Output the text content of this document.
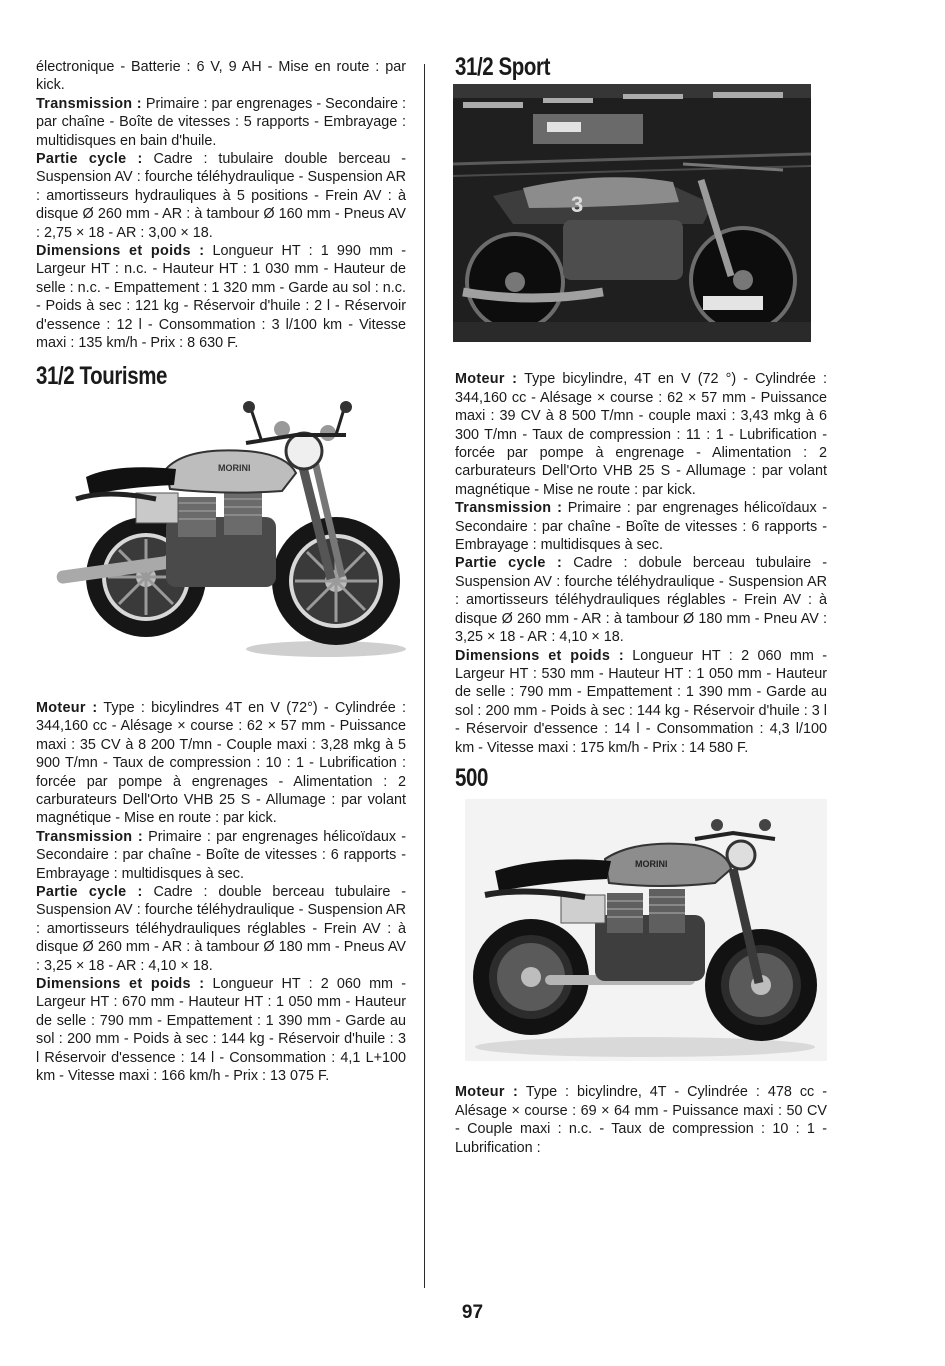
électronique - Batterie : 6 V, 9 AH - Mise en route : par kick.

Transmission : Primaire : par engrenages - Secondaire : par chaîne - Boîte de vitesses : 5 rapports - Embrayage : multidisques en bain d'huile.

Partie cycle : Cadre : tubulaire double berceau - Suspension AV : fourche téléhydraulique - Suspension AR : amortisseurs hydrauliques à 5 positions - Frein AV : à disque Ø 260 mm - AR : à tambour Ø 160 mm - Pneus AV : 2,75 × 18 - AR : 3,00 × 18.

Dimensions et poids : Longueur HT : 1 990 mm - Largeur HT : n.c. - Hauteur HT : 1 030 mm - Hauteur de selle : n.c. - Empattement : 1 320 mm - Garde au sol : n.c. - Poids à sec : 121 kg - Réservoir d'huile : 2 l - Réservoir d'essence : 12 l - Consommation : 3 l/100 km - Vitesse maxi : 135 km/h - Prix : 8 630 F.

31/2 Tourisme
MORINI

Moteur : Type : bicylindres 4T en V (72°) - Cylindrée : 344,160 cc - Alésage × course : 62 × 57 mm - Puissance maxi : 35 CV à 8 200 T/mn - Couple maxi : 3,28 mkg à 5 900 T/mn - Taux de compression : 10 : 1 - Lubrification : forcée par pompe à engrenages - Alimentation : 2 carburateurs Dell'Orto VHB 25 S - Allumage : par volant magnétique - Mise en route : par kick.

Transmission : Primaire : par engrenages hélicoïdaux - Secondaire : par chaîne - Boîte de vitesses : 6 rapports - Embrayage : multidisques à sec.

Partie cycle : Cadre : double berceau tubulaire - Suspension AV : fourche téléhydraulique - Suspension AR : amortisseurs téléhydrauliques réglables - Frein AV : à disque Ø 260 mm - AR : à tambour Ø 180 mm - Pneus AV : 3,25 × 18 - AR : 4,10 × 18.

Dimensions et poids : Longueur HT : 2 060 mm - Largeur HT : 670 mm - Hauteur HT : 1 050 mm - Hauteur de selle : 790 mm - Empattement : 1 390 mm - Garde au sol : 200 mm - Poids à sec : 144 kg - Réservoir d'huile : 3 l Réservoir d'essence : 14 l - Consommation : 4,1 L+100 km - Vitesse maxi : 166 km/h - Prix : 13 075 F.

31/2 Sport
3

Moteur : Type bicylindre, 4T en V (72 °) - Cylindrée : 344,160 cc - Alésage × course : 62 × 57 mm - Puissance maxi : 39 CV à 8 500 T/mn - couple maxi : 3,43 mkg à 6 300 T/mn - Taux de compression : 11 : 1 - Lubrification - forcée par pompe à engrenage - Alimentation : 2 carburateurs Dell'Orto VHB 25 S - Allumage : par volant magnétique - Mise ne route : par kick.

Transmission : Primaire : par engrenages hélicoïdaux - Secondaire : par chaîne - Boîte de vitesses : 6 rapports - Embrayage : multidisques à sec.

Partie cycle : Cadre : dobule berceau tubulaire - Suspension AV : fourche téléhydraulique - Suspension AR : amortisseurs téléhydrauliques réglables - Frein AV : à disque Ø 260 mm - AR : à tambour Ø 180 mm - Pneu AV : 3,25 × 18 - AR : 4,10 × 18.

Dimensions et poids : Longueur HT : 2 060 mm - Largeur HT : 530 mm - Hauteur HT : 1 050 mm - Hauteur de selle : 790 mm - Empattement : 1 390 mm - Garde au sol : 200 mm - Poids à sec : 144 kg - Réservoir d'huile : 3 l - Réservoir d'essence : 14 l - Consommation : 4,3 l/100 km - Vitesse maxi : 175 km/h - Prix : 14 580 F.

500
MORINI

Moteur : Type : bicylindre, 4T - Cylindrée : 478 cc - Alésage × course : 69 × 64 mm - Puissance maxi : 50 CV - Couple maxi : n.c. - Taux de compression : 10 : 1 - Lubrification :

97
